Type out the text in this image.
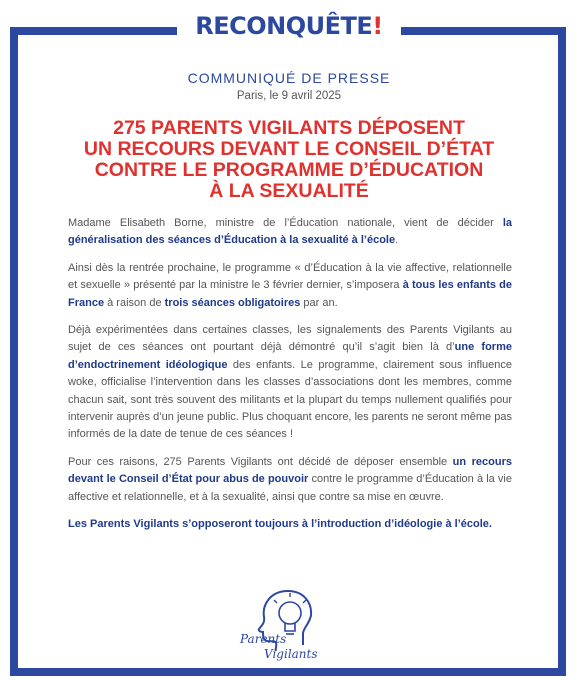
RECONQUÊTE!
COMMUNIQUÉ DE PRESSE
Paris, le 9 avril 2025
275 PARENTS VIGILANTS DÉPOSENT
UN RECOURS DEVANT LE CONSEIL D’ÉTAT
CONTRE LE PROGRAMME D’ÉDUCATION
À LA SEXUALITÉ

Madame Elisabeth Borne, ministre de l’Éducation nationale, vient de décider la généralisation des séances d’Éducation à la sexualité à l’école.

Ainsi dès la rentrée prochaine, le programme « d’Éducation à la vie affective, relationnelle et sexuelle » présenté par la ministre le 3 février dernier, s’imposera à tous les enfants de France à raison de trois séances obligatoires par an.

Déjà expérimentées dans certaines classes, les signalements des Parents Vigilants au sujet de ces séances ont pourtant déjà démontré qu’il s’agit bien là d’une forme d’endoctrinement idéologique des enfants. Le programme, clairement sous influence woke, officialise l’intervention dans les classes d’associations dont les membres, comme chacun sait, sont très souvent des militants et la plupart du temps nullement qualifiés pour intervenir auprès d’un jeune public. Plus choquant encore, les parents ne seront même pas informés de la date de tenue de ces séances !

Pour ces raisons, 275 Parents Vigilants ont décidé de déposer ensemble un recours devant le Conseil d’État pour abus de pouvoir contre le programme d’Éducation à la vie affective et relationnelle, et à la sexualité, ainsi que contre sa mise en œuvre.

Les Parents Vigilants s’opposeront toujours à l’introduction d’idéologie à l’école.

Parents
Vigilants
